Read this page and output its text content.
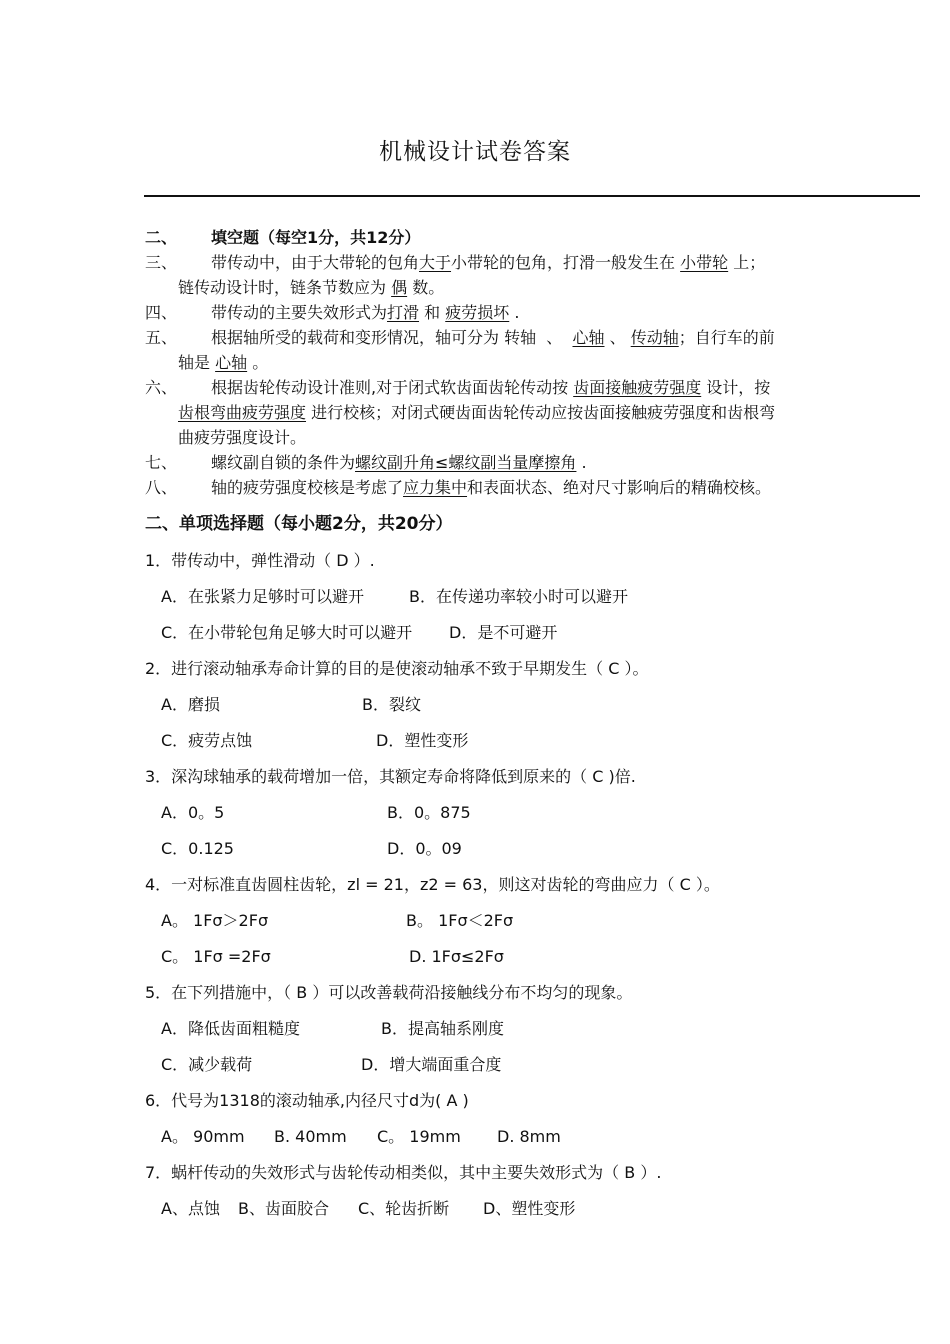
机械设计试卷答案
二、 填空题（每空1分，共12分）
三、 带传动中，由于大带轮的包角大于小带轮的包角，打滑一般发生在 小带轮 上；
链传动设计时，链条节数应为 偶 数。
四、 带传动的主要失效形式为打滑 和 疲劳损坏 .
五、 根据轴所受的载荷和变形情况，轴可分为 转轴 、 心轴 、 传动轴；自行车的前
轴是 心轴 。
六、 根据齿轮传动设计准则,对于闭式软齿面齿轮传动按 齿面接触疲劳强度 设计，按
齿根弯曲疲劳强度 进行校核；对闭式硬齿面齿轮传动应按齿面接触疲劳强度和齿根弯
曲疲劳强度设计。
七、 螺纹副自锁的条件为螺纹副升角≤螺纹副当量摩擦角 .
八、 轴的疲劳强度校核是考虑了应力集中和表面状态、绝对尺寸影响后的精确校核。
二、单项选择题（每小题2分，共20分）
1．带传动中，弹性滑动（ D ）.
A．在张紧力足够时可以避开	B．在传递功率较小时可以避开
C．在小带轮包角足够大时可以避开 D．是不可避开
2．进行滚动轴承寿命计算的目的是使滚动轴承不致于早期发生（ C ）。
A．磨损	B．裂纹
C．疲劳点蚀	D．塑性变形
3．深沟球轴承的载荷增加一倍，其额定寿命将降低到原来的（ C )倍.
A．0。5	B．0。875
C．0.125	D．0。09
4．一对标准直齿圆柱齿轮，zl = 21，z2 = 63，则这对齿轮的弯曲应力（ C ）。
A。 1Fσ＞2Fσ	B。 1Fσ＜2Fσ
C。 1Fσ =2Fσ	D. 1Fσ≤2Fσ
5．在下列措施中，（ B ）可以改善载荷沿接触线分布不均匀的现象。
A．降低齿面粗糙度	B．提高轴系刚度
C．减少载荷	D．增大端面重合度
6．代号为1318的滚动轴承,内径尺寸d为( A )
A。 90mm B. 40mm C。 19mm D. 8mm
7．蜗杆传动的失效形式与齿轮传动相类似，其中主要失效形式为（ B ）.
A、点蚀 B、齿面胶合 C、轮齿折断 D、塑性变形
